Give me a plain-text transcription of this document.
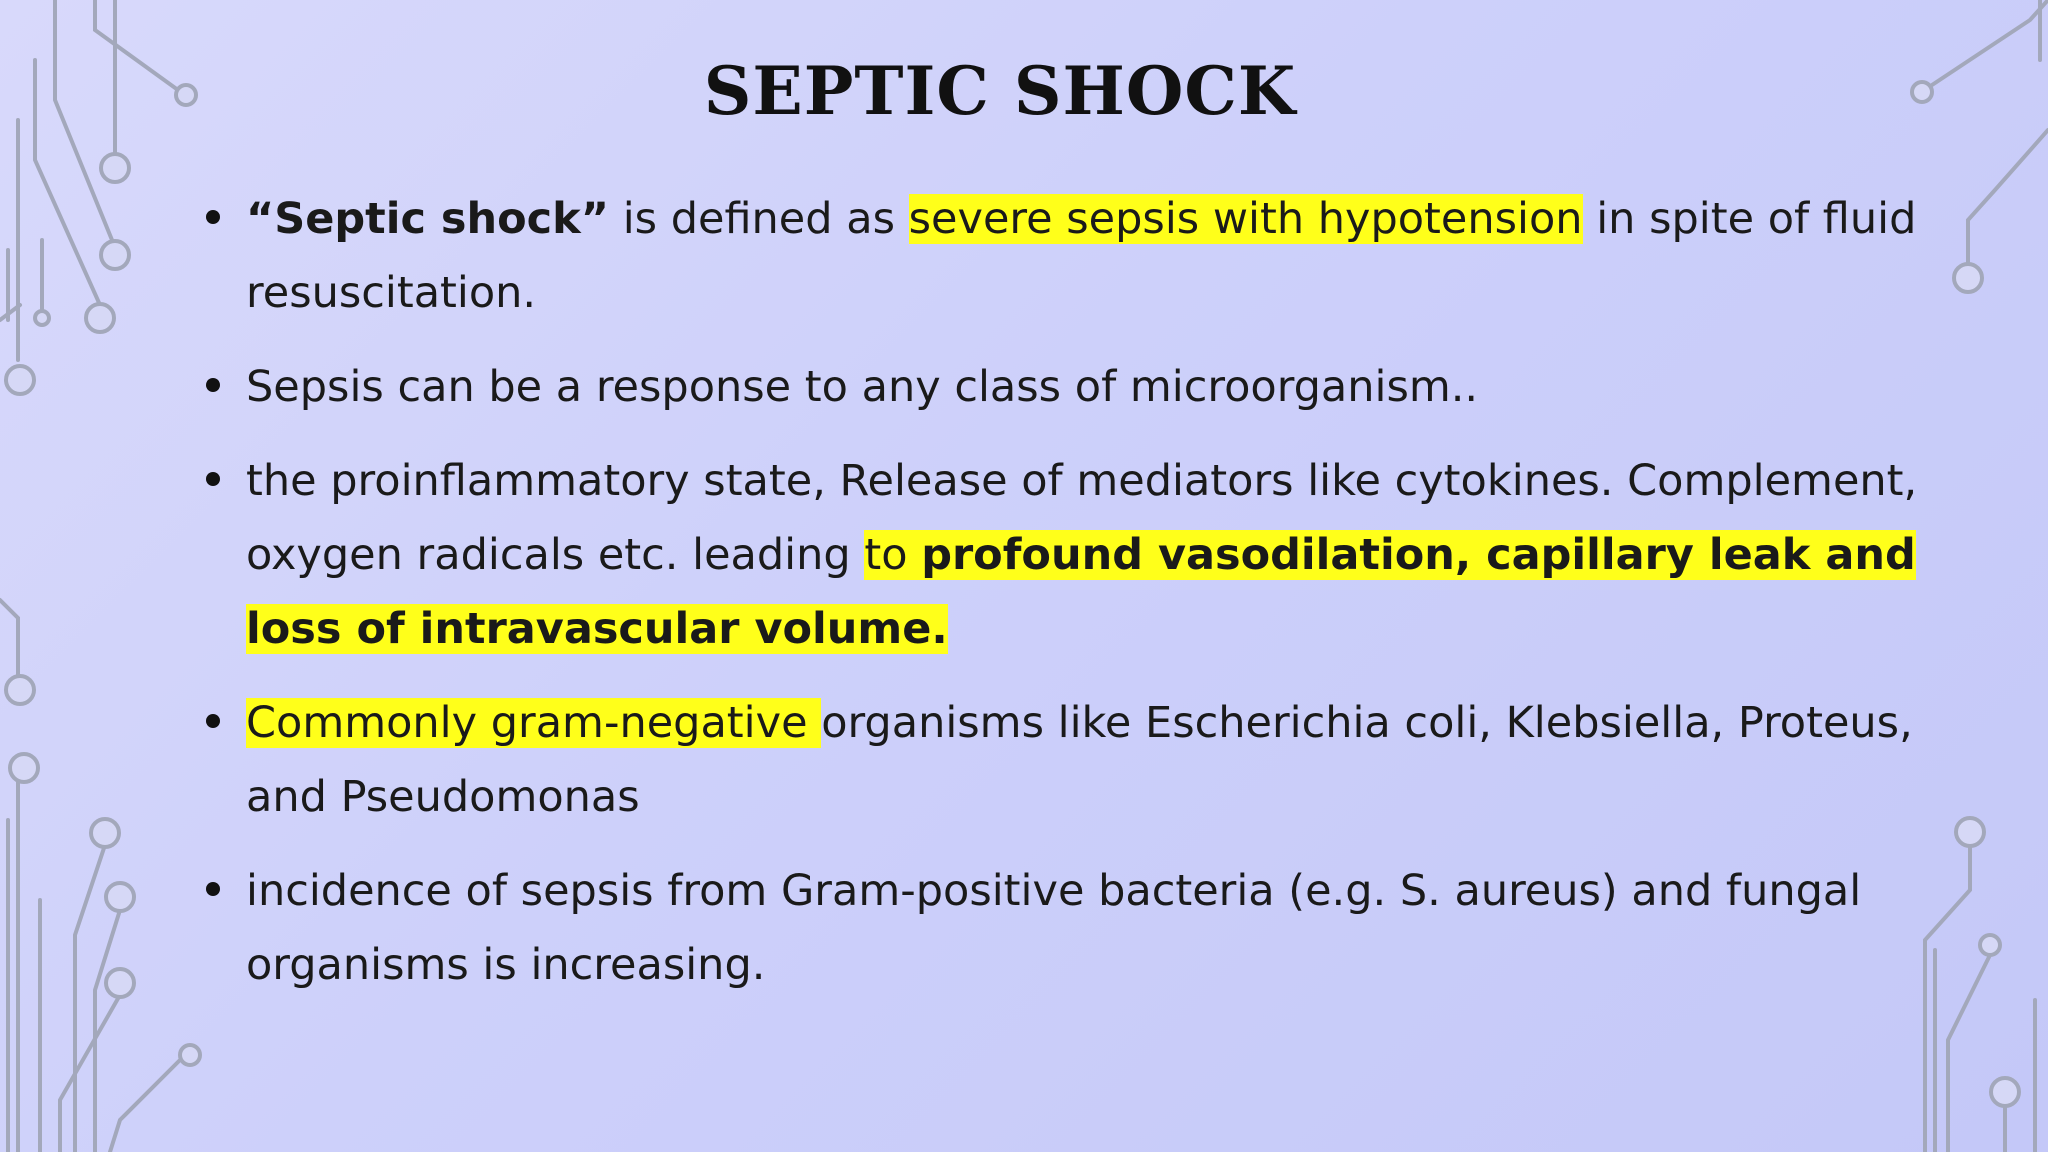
SEPTIC SHOCK
“Septic shock” is defined as severe sepsis with hypotension in spite of fluid resuscitation.
Sepsis can be a response to any class of microorganism..
the proinflammatory state, Release of mediators like cytokines. Complement, oxygen radicals etc. leading to profound vasodilation, capillary leak and loss of intravascular volume.
Commonly gram-negative organisms like Escherichia coli, Klebsiella, Proteus, and Pseudomonas
incidence of sepsis from Gram-positive bacteria (e.g. S. aureus) and fungal organisms is increasing.
